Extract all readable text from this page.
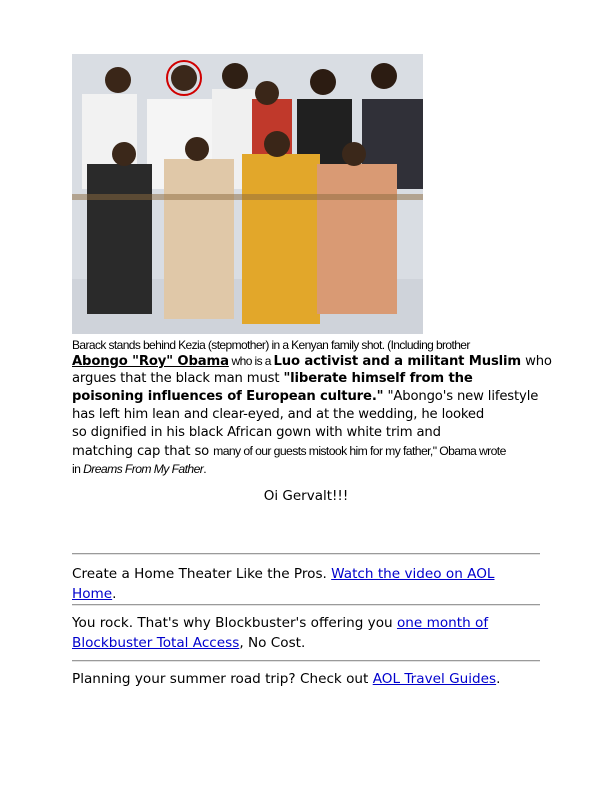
Barack stands behind Kezia (stepmother) in a Kenyan family shot. (Including brother
Abongo "Roy" Obama who is a Luo activist and a militant Muslim who
argues that the black man must "liberate himself from the
poisoning influences of European culture." "Abongo's new lifestyle
has left him lean and clear-eyed, and at the wedding, he looked
so dignified in his black African gown with white trim and
matching cap that so many of our guests mistook him for my father," Obama wrote
in Dreams From My Father.
Oi Gervalt!!!
Create a Home Theater Like the Pros. Watch the video on AOL Home.
You rock. That's why Blockbuster's offering you one month of
Blockbuster Total Access, No Cost.
Planning your summer road trip? Check out AOL Travel Guides.
